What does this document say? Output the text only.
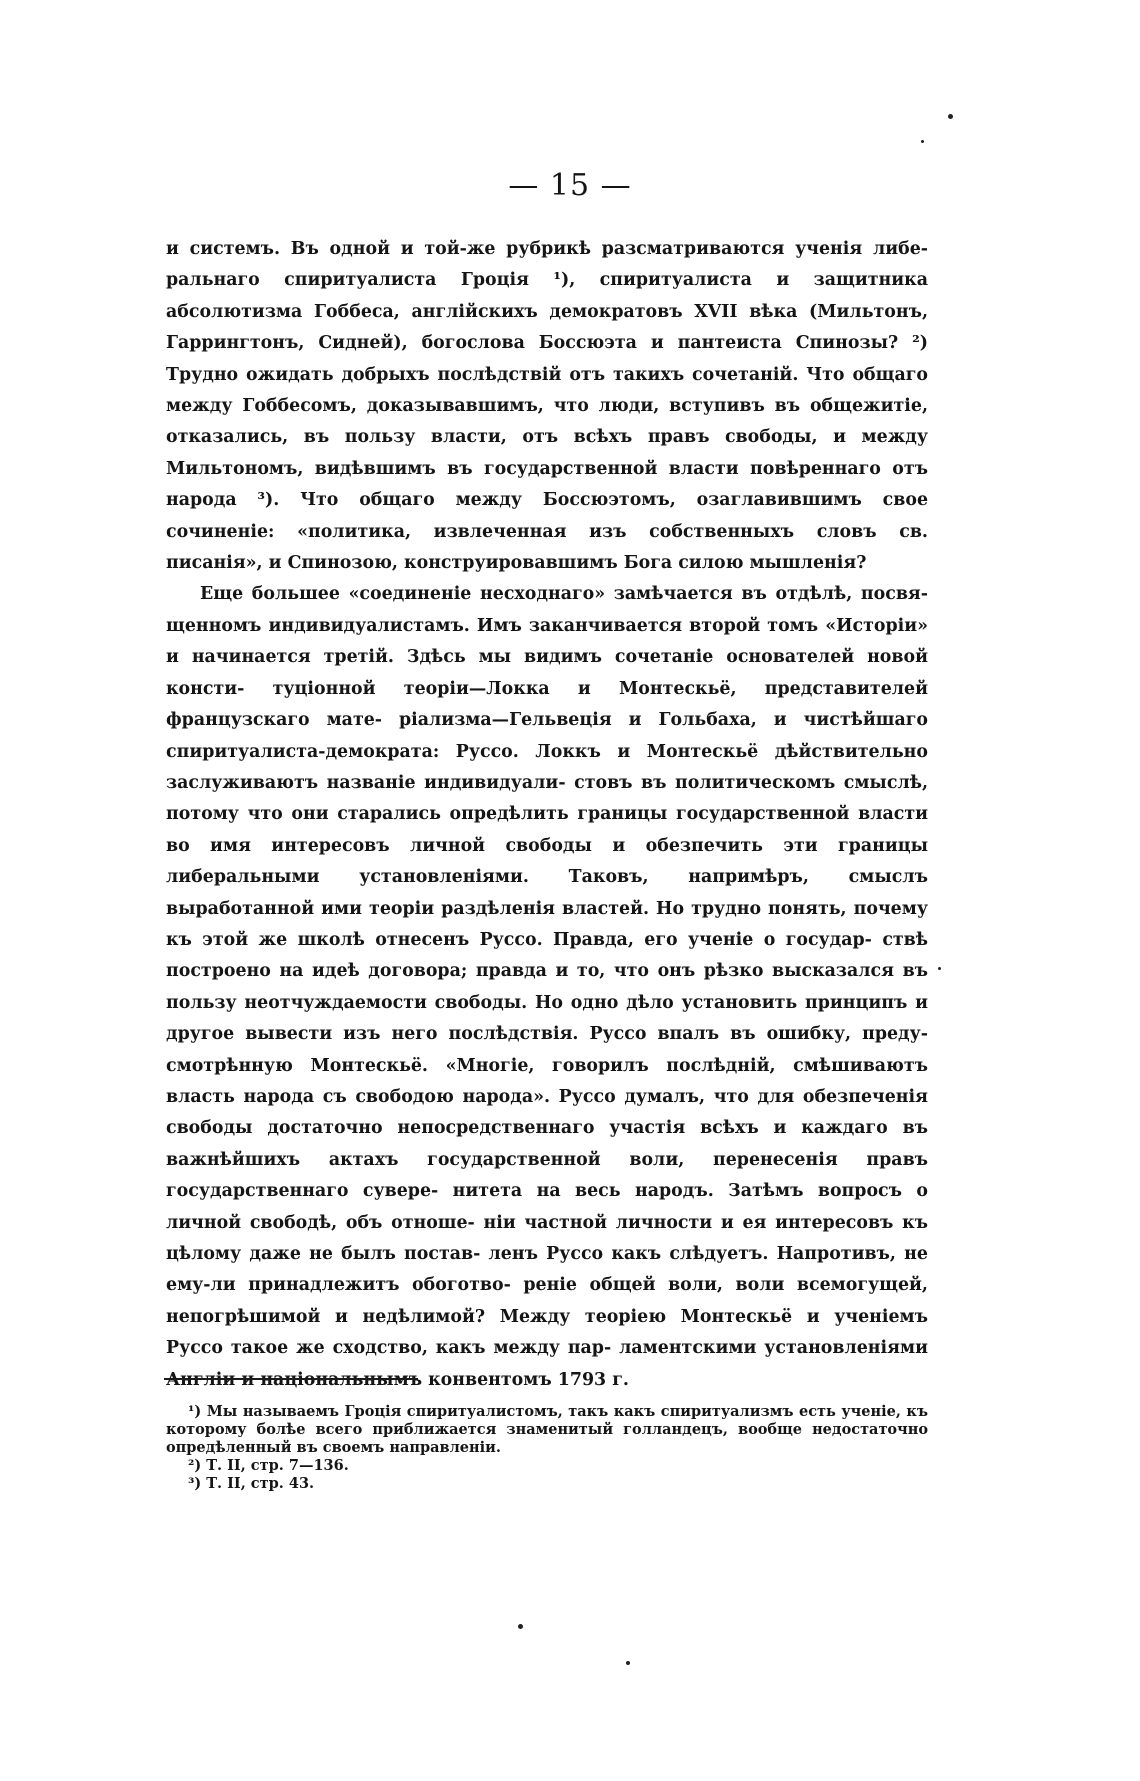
— 15 —

и системъ. Въ одной и той-же рубрикѣ разсматриваются ученія либе- ральнаго спиритуалиста Гроція ¹), спиритуалиста и защитника абсолютизма Гоббеса, англійскихъ демократовъ XVII вѣка (Мильтонъ, Гаррингтонъ, Сидней), богослова Боссюэта и пантеиста Спинозы? ²) Трудно ожидать добрыхъ послѣдствій отъ такихъ сочетаній. Что общаго между Гоббесомъ, доказывавшимъ, что люди, вступивъ въ общежитіе, отказались, въ пользу власти, отъ всѣхъ правъ свободы, и между Мильтономъ, видѣвшимъ въ государственной власти повѣреннаго отъ народа ³). Что общаго между Боссюэтомъ, озаглавившимъ свое сочиненіе: «политика, извлеченная изъ собственныхъ словъ св. писанія», и Спинозою, конструировавшимъ Бога силою мышленія?

Еще большее «соединеніе несходнаго» замѣчается въ отдѣлѣ, посвя- щенномъ индивидуалистамъ. Имъ заканчивается второй томъ «Исторіи» и начинается третій. Здѣсь мы видимъ сочетаніе основателей новой консти- туціонной теоріи—Локка и Монтескьё, представителей французскаго мате- ріализма—Гельвеція и Гольбаха, и чистѣйшаго спиритуалиста-демократа: Руссо. Локкъ и Монтескьё дѣйствительно заслуживаютъ названіе индивидуали- стовъ въ политическомъ смыслѣ, потому что они старались опредѣлить границы государственной власти во имя интересовъ личной свободы и обезпечить эти границы либеральными установленіями. Таковъ, напримѣръ, смыслъ выработанной ими теоріи раздѣленія властей. Но трудно понять, почему къ этой же школѣ отнесенъ Руссо. Правда, его ученіе о государ- ствѣ построено на идеѣ договора; правда и то, что онъ рѣзко высказался въ пользу неотчуждаемости свободы. Но одно дѣло установить принципъ и другое вывести изъ него послѣдствія. Руссо впалъ въ ошибку, преду- смотрѣнную Монтескьё. «Многіе, говорилъ послѣдній, смѣшиваютъ власть народа съ свободою народа». Руссо думалъ, что для обезпеченія свободы достаточно непосредственнаго участія всѣхъ и каждаго въ важнѣйшихъ актахъ государственной воли, перенесенія правъ государственнаго сувере- нитета на весь народъ. Затѣмъ вопросъ о личной свободѣ, объ отноше- ніи частной личности и ея интересовъ къ цѣлому даже не былъ постав- ленъ Руссо какъ слѣдуетъ. Напротивъ, не ему-ли принадлежитъ обоготво- реніе общей воли, воли всемогущей, непогрѣшимой и недѣлимой? Между теоріею Монтескьё и ученіемъ Руссо такое же сходство, какъ между пар- ламентскими установленіями Англіи и національнымъ конвентомъ 1793 г.

¹) Мы называемъ Гроція спиритуалистомъ, такъ какъ спиритуализмъ есть ученіе, къ которому болѣе всего приближается знаменитый голландецъ, вообще недостаточно опредѣленный въ своемъ направленіи.

²) Т. II, стр. 7—136.

³) Т. II, стр. 43.
